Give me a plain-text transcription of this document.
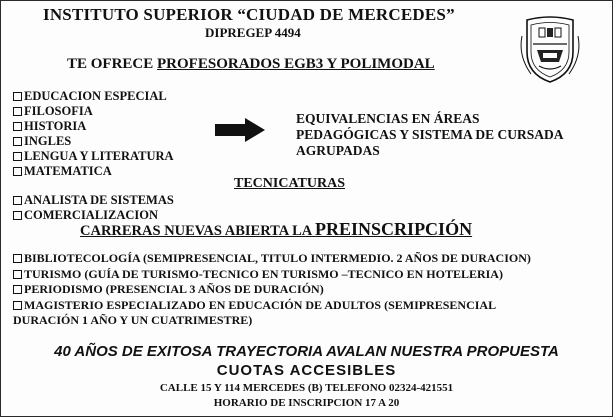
INSTITUTO SUPERIOR “CIUDAD DE MERCEDES”
DIPREGEP 4494
TE OFRECE PROFESORADOS EGB3 Y POLIMODAL
EDUCACION ESPECIAL
FILOSOFIA
HISTORIA
INGLES
LENGUA Y LITERATURA
MATEMATICA
EQUIVALENCIAS EN ÁREAS
PEDAGÓGICAS Y SISTEMA DE CURSADA
AGRUPADAS
TECNICATURAS
ANALISTA DE SISTEMAS
COMERCIALIZACION
CARRERAS NUEVAS ABIERTA LA PREINSCRIPCIÓN
BIBLIOTECOLOGÍA (SEMIPRESENCIAL, TITULO INTERMEDIO. 2 AÑOS DE DURACION)
TURISMO (GUÍA DE TURISMO-TECNICO EN TURISMO –TECNICO EN HOTELERIA)
PERIODISMO (PRESENCIAL 3 AÑOS DE DURACIÓN)
MAGISTERIO ESPECIALIZADO EN EDUCACIÓN DE ADULTOS (SEMIPRESENCIAL
DURACIÓN 1 AÑO Y UN CUATRIMESTRE)
40 AÑOS DE EXITOSA TRAYECTORIA AVALAN NUESTRA PROPUESTA
CUOTAS ACCESIBLES
CALLE 15 Y 114 MERCEDES (B) TELEFONO 02324-421551
HORARIO DE INSCRIPCION 17 A 20
